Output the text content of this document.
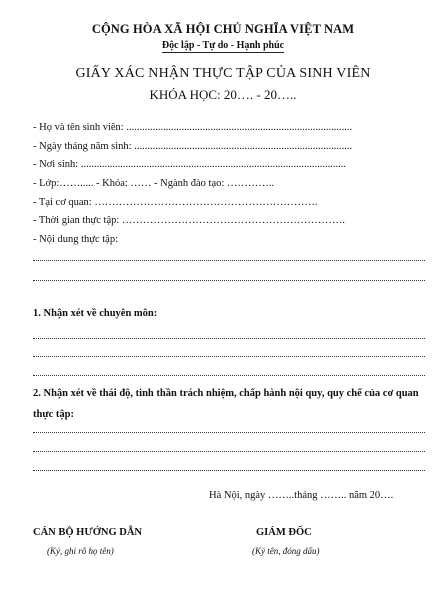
CỘNG HÒA XÃ HỘI CHỦ NGHĨA VIỆT NAM
Độc lập - Tự do - Hạnh phúc
GIẤY XÁC NHẬN THỰC TẬP CỦA SINH VIÊN
KHÓA HỌC: 20…. - 20…..
- Họ và tên sinh viên: ......................................................................................
- Ngày tháng năm sinh: ...................................................................................
- Nơi sinh: .....................................................................................................
- Lớp:……..... - Khóa: …… - Ngành đào tạo: …………..
- Tại cơ quan: ……………………………………………………….
- Thời gian thực tập: ……………………………………………………….
- Nội dung thực tập:
1. Nhận xét về chuyên môn:
2. Nhận xét về thái độ, tinh thần trách nhiệm, chấp hành nội quy, quy chế của cơ quan thực tập:
Hà Nội, ngày ……..tháng …….. năm 20….
CÁN BỘ HƯỚNG DẪN
(Ký, ghi rõ họ tên)
GIÁM ĐỐC
(Ký tên, đóng dấu)
